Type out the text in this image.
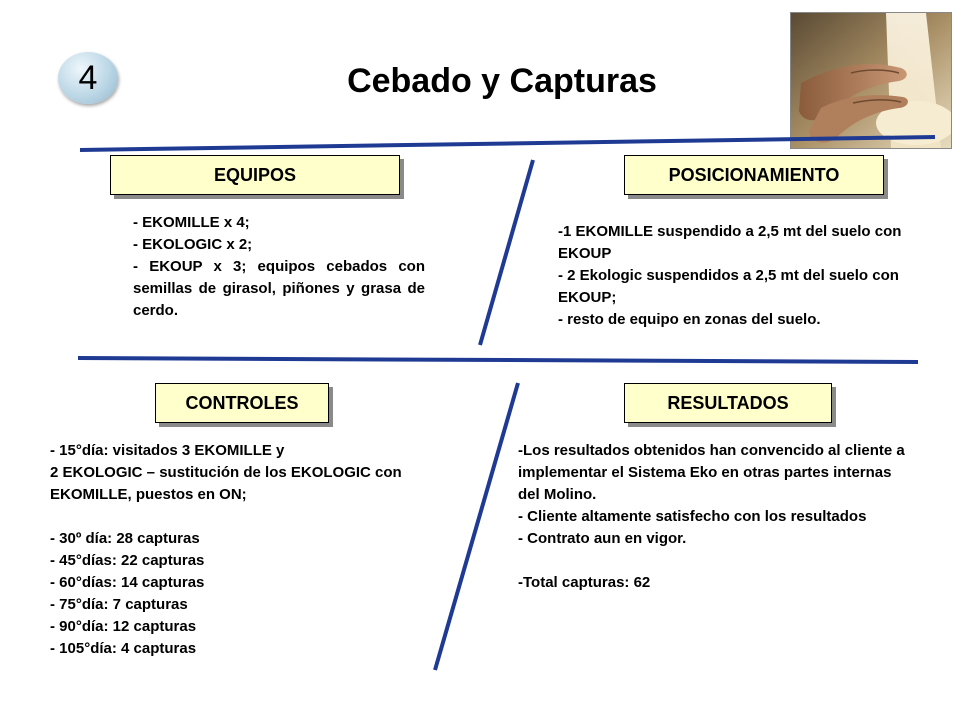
4	Cebado y Capturas
EQUIPOS

- EKOMILLE x 4;

- EKOLOGIC x 2;

- EKOUP x 3; equipos cebados con semillas de girasol, piñones y grasa de cerdo.

POSICIONAMIENTO

-1 EKOMILLE suspendido a 2,5 mt del suelo con EKOUP

- 2 Ekologic suspendidos a 2,5 mt del suelo con EKOUP;

- resto de equipo en zonas del suelo.

CONTROLES

- 15°día: visitados 3 EKOMILLE y

2 EKOLOGIC – sustitución de los EKOLOGIC con EKOMILLE, puestos en ON;

- 30º día: 28 capturas

- 45°días: 22 capturas

- 60°días: 14 capturas

- 75°día: 7 capturas

- 90°día: 12 capturas

- 105°día: 4 capturas

RESULTADOS

-Los resultados obtenidos han convencido al cliente a implementar el Sistema Eko en otras partes internas del Molino.

- Cliente altamente satisfecho con los resultados

- Contrato aun en vigor.

-Total capturas: 62
